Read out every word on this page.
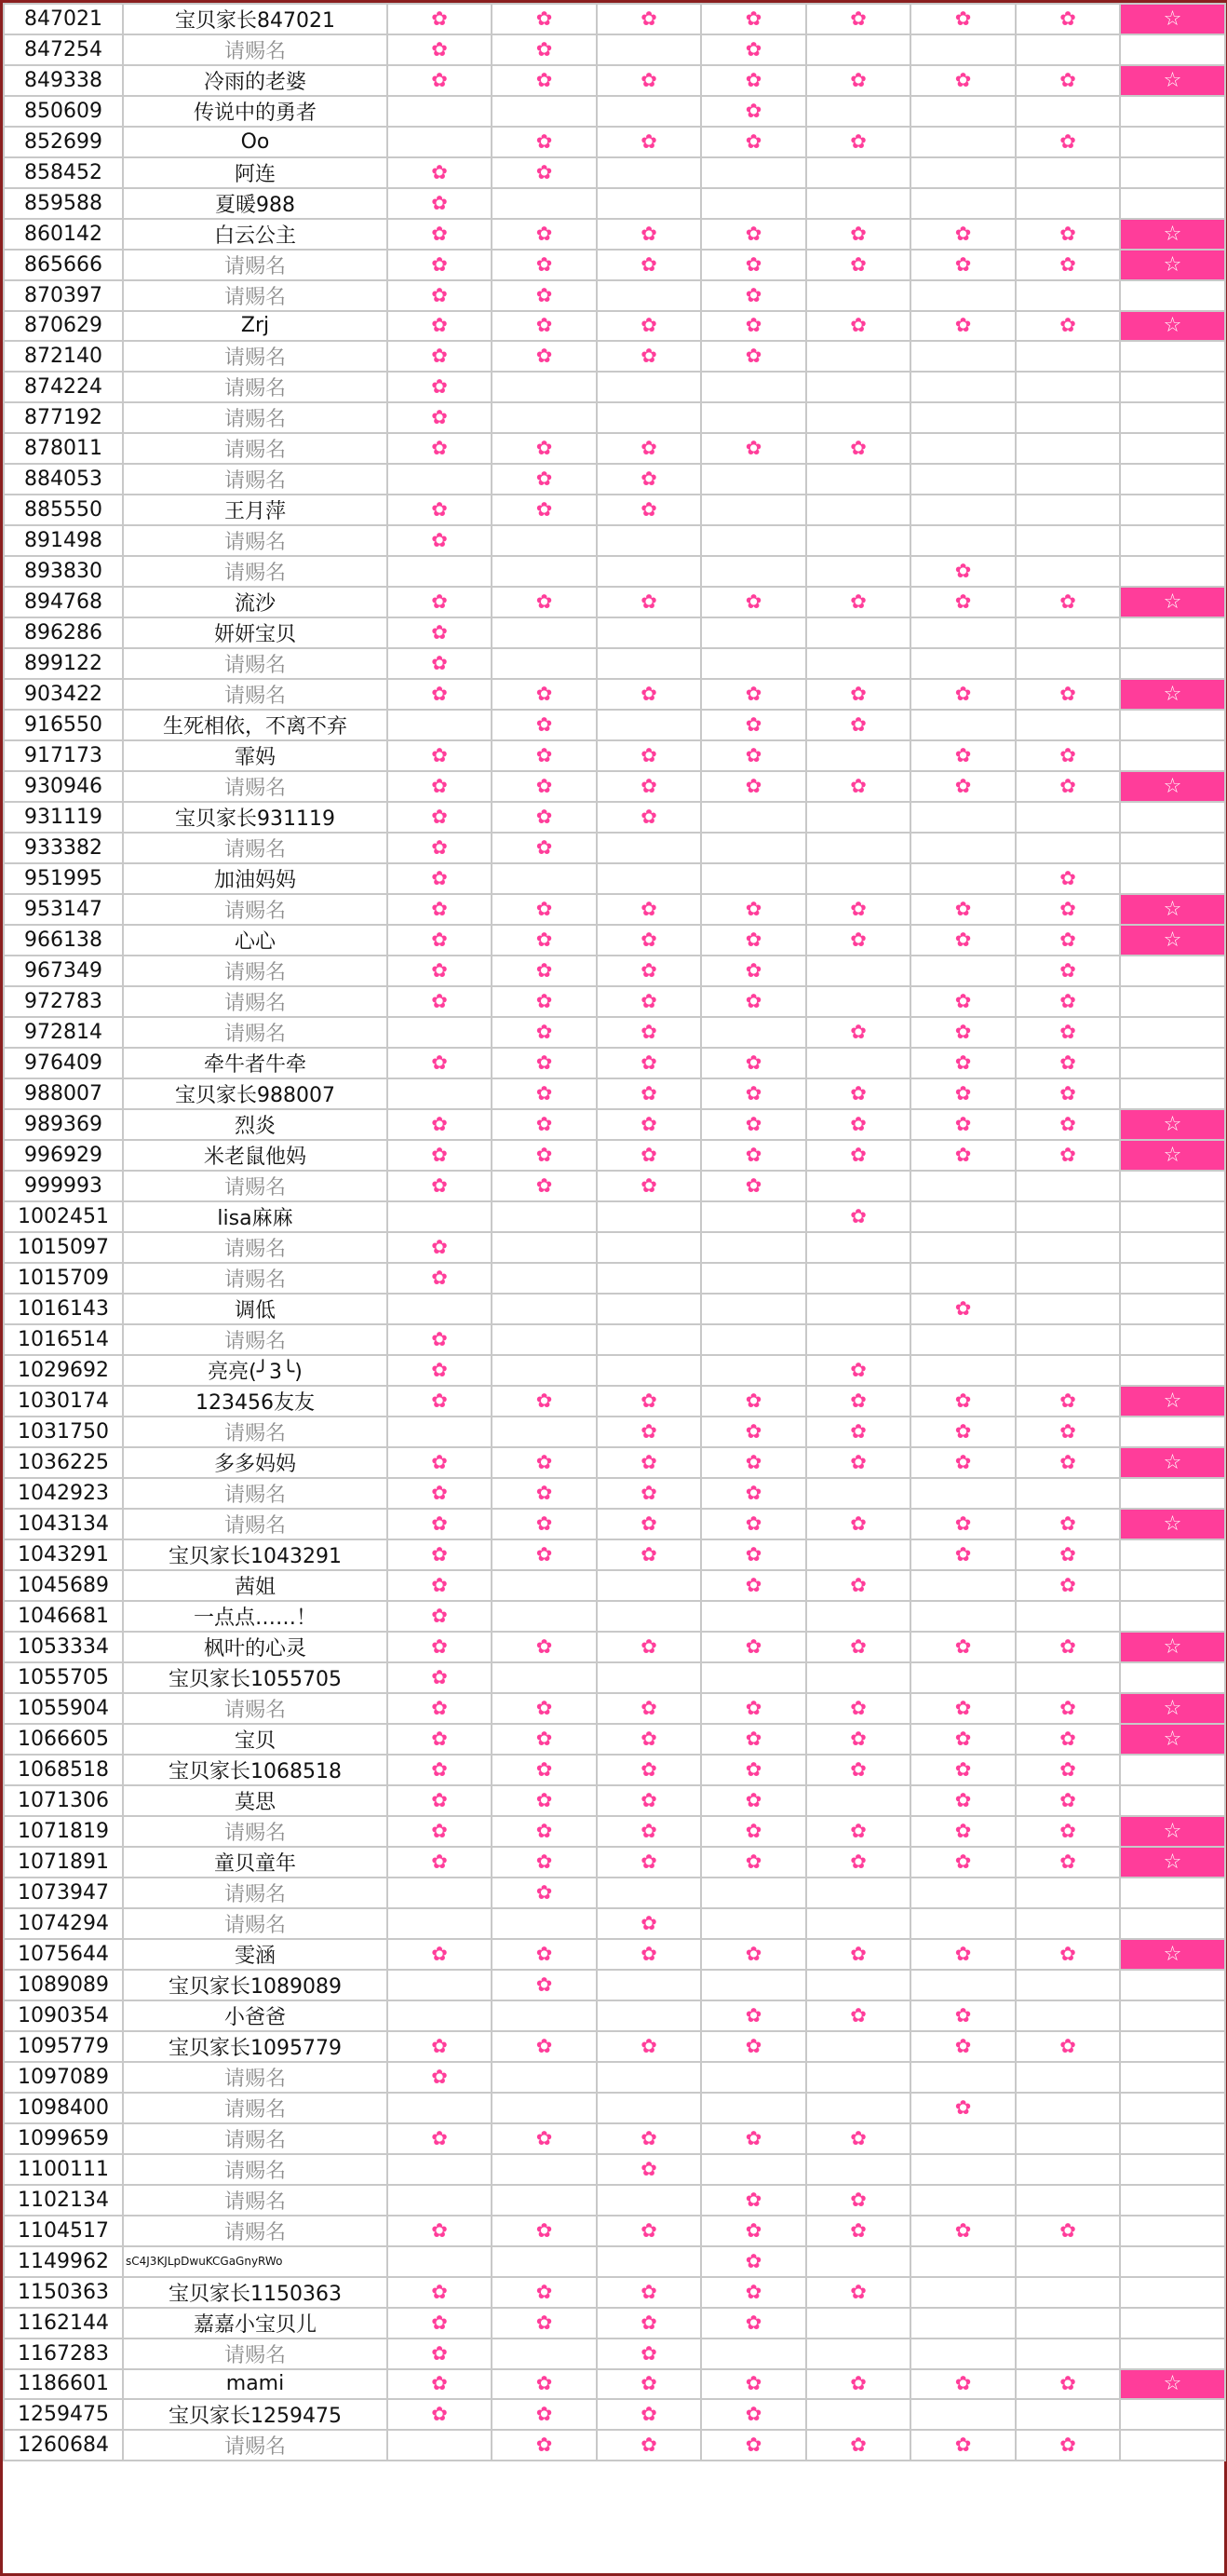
847021	宝贝家长847021	✿	✿	✿	✿	✿	✿	✿	☆
847254	请赐名	✿	✿		✿				
849338	冷雨的老婆	✿	✿	✿	✿	✿	✿	✿	☆
850609	传说中的勇者				✿				
852699	Oo		✿	✿	✿	✿		✿	
858452	阿连	✿	✿						
859588	夏暖988	✿							
860142	白云公主	✿	✿	✿	✿	✿	✿	✿	☆
865666	请赐名	✿	✿	✿	✿	✿	✿	✿	☆
870397	请赐名	✿	✿		✿				
870629	Zrj	✿	✿	✿	✿	✿	✿	✿	☆
872140	请赐名	✿	✿	✿	✿				
874224	请赐名	✿							
877192	请赐名	✿							
878011	请赐名	✿	✿	✿	✿	✿			
884053	请赐名		✿	✿					
885550	王月萍	✿	✿	✿					
891498	请赐名	✿							
893830	请赐名						✿		
894768	流沙	✿	✿	✿	✿	✿	✿	✿	☆
896286	妍妍宝贝	✿							
899122	请赐名	✿							
903422	请赐名	✿	✿	✿	✿	✿	✿	✿	☆
916550	生死相依，不离不弃		✿		✿	✿			
917173	霏妈	✿	✿	✿	✿		✿	✿	
930946	请赐名	✿	✿	✿	✿	✿	✿	✿	☆
931119	宝贝家长931119	✿	✿	✿					
933382	请赐名	✿	✿						
951995	加油妈妈	✿						✿	
953147	请赐名	✿	✿	✿	✿	✿	✿	✿	☆
966138	心心	✿	✿	✿	✿	✿	✿	✿	☆
967349	请赐名	✿	✿	✿	✿			✿	
972783	请赐名	✿	✿	✿	✿		✿	✿	
972814	请赐名		✿	✿		✿	✿	✿	
976409	牵牛者牛牵	✿	✿	✿	✿		✿	✿	
988007	宝贝家长988007		✿	✿	✿	✿	✿	✿	
989369	烈炎	✿	✿	✿	✿	✿	✿	✿	☆
996929	米老鼠他妈	✿	✿	✿	✿	✿	✿	✿	☆
999993	请赐名	✿	✿	✿	✿				
1002451	lisa麻麻					✿			
1015097	请赐名	✿							
1015709	请赐名	✿							
1016143	调低						✿		
1016514	请赐名	✿							
1029692	亮亮(╯3╰)	✿				✿			
1030174	123456友友	✿	✿	✿	✿	✿	✿	✿	☆
1031750	请赐名			✿	✿	✿	✿	✿	
1036225	多多妈妈	✿	✿	✿	✿	✿	✿	✿	☆
1042923	请赐名	✿	✿	✿	✿				
1043134	请赐名	✿	✿	✿	✿	✿	✿	✿	☆
1043291	宝贝家长1043291	✿	✿	✿	✿		✿	✿	
1045689	茜姐	✿			✿	✿		✿	
1046681	一点点……！	✿							
1053334	枫叶的心灵	✿	✿	✿	✿	✿	✿	✿	☆
1055705	宝贝家长1055705	✿							
1055904	请赐名	✿	✿	✿	✿	✿	✿	✿	☆
1066605	宝贝	✿	✿	✿	✿	✿	✿	✿	☆
1068518	宝贝家长1068518	✿	✿	✿	✿	✿	✿	✿	
1071306	莫思	✿	✿	✿	✿		✿	✿	
1071819	请赐名	✿	✿	✿	✿	✿	✿	✿	☆
1071891	童贝童年	✿	✿	✿	✿	✿	✿	✿	☆
1073947	请赐名		✿						
1074294	请赐名			✿					
1075644	雯涵	✿	✿	✿	✿	✿	✿	✿	☆
1089089	宝贝家长1089089		✿						
1090354	小爸爸				✿	✿	✿		
1095779	宝贝家长1095779	✿	✿	✿	✿		✿	✿	
1097089	请赐名	✿							
1098400	请赐名						✿		
1099659	请赐名	✿	✿	✿	✿	✿			
1100111	请赐名			✿					
1102134	请赐名				✿	✿			
1104517	请赐名	✿	✿	✿	✿	✿	✿	✿	
1149962	sC4J3KJLpDwuKCGaGnyRWo				✿				
1150363	宝贝家长1150363	✿	✿	✿	✿	✿			
1162144	嘉嘉小宝贝儿	✿	✿	✿	✿				
1167283	请赐名	✿		✿					
1186601	mami	✿	✿	✿	✿	✿	✿	✿	☆
1259475	宝贝家长1259475	✿	✿	✿	✿				
1260684	请赐名		✿	✿	✿	✿	✿	✿	
